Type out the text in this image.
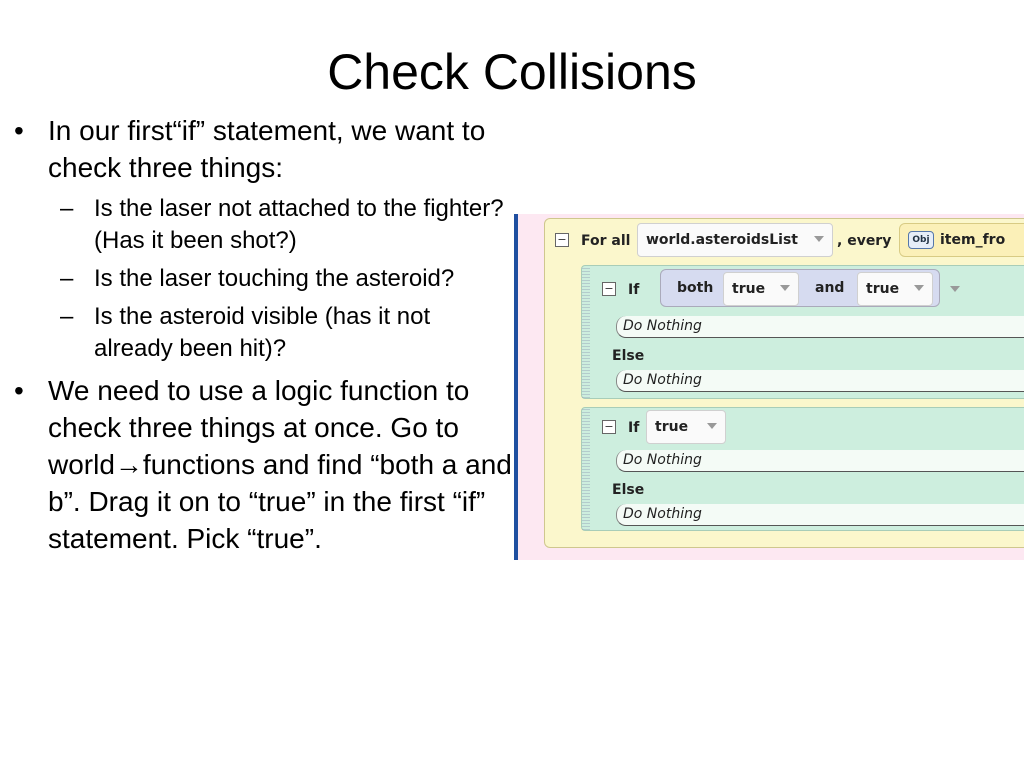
Check Collisions
• In our first“if” statement, we want to check three things:
– Is the laser not attached to the fighter? (Has it been shot?)
– Is the laser touching the asteroid?
– Is the asteroid visible (has it not already been hit)?
• We need to use a logic function to check three things at once. Go to world→functions and find “both a and b”. Drag it on to “true” in the first “if” statement. Pick “true”.
− For all	world.asteroidsList	, every	Obj item_fro
− If	both	true	and	true
Do Nothing
Else
Do Nothing
− If	true
Do Nothing
Else
Do Nothing
